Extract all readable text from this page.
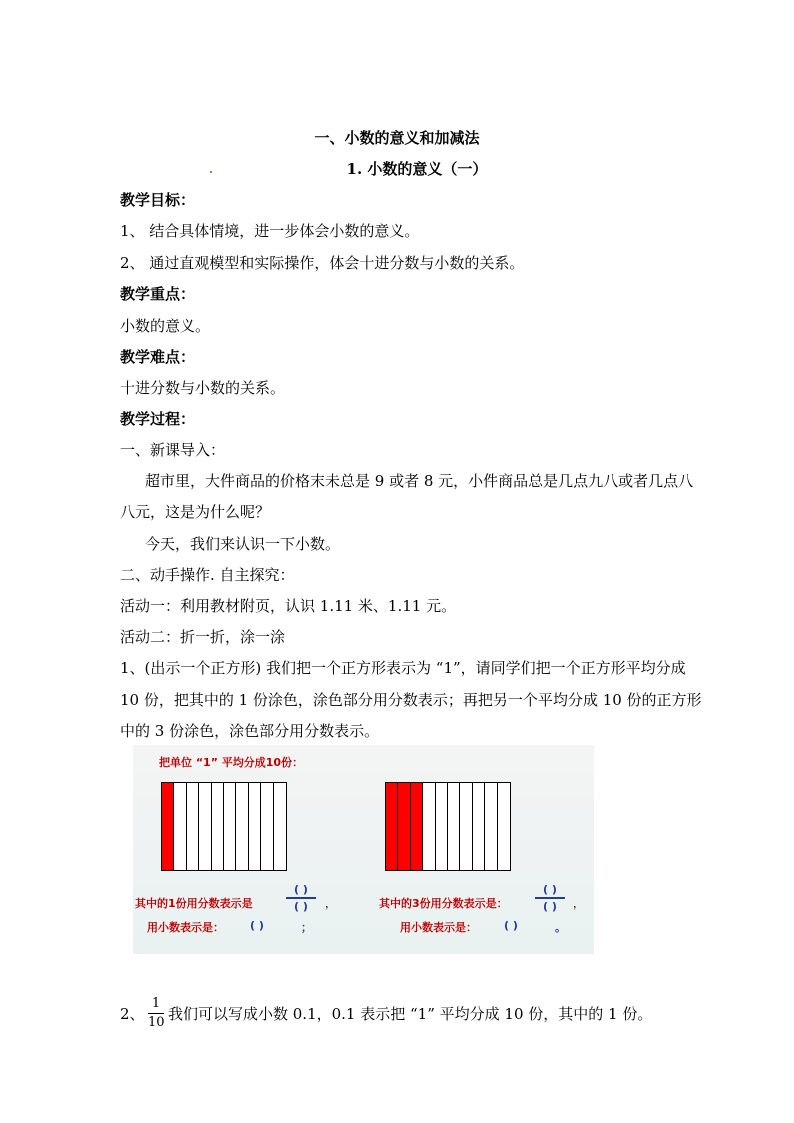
一、小数的意义和加减法
1. 小数的意义（一）
教学目标：
1、 结合具体情境，进一步体会小数的意义。
2、 通过直观模型和实际操作，体会十进分数与小数的关系。
教学重点：
小数的意义。
教学难点：
十进分数与小数的关系。
教学过程：
一、新课导入：
超市里，大件商品的价格末未总是 9 或者 8 元，小件商品总是几点九八或者几点八
八元，这是为什么呢？
今天，我们来认识一下小数。
二、动手操作. 自主探究：
活动一：利用教材附页，认识 1.11 米、1.11 元。
活动二：折一折，涂一涂
1、(出示一个正方形) 我们把一个正方形表示为 “1”，请同学们把一个正方形平均分成
10 份，把其中的 1 份涂色，涂色部分用分数表示；再把另一个平均分成 10 份的正方形
中的 3 份涂色，涂色部分用分数表示。
把单位 “1” 平均分成10份：
其中的1份用分数表示是
( )
( )	，
用小数表示是： ( )	；
其中的3份用分数表示是：
( )
( )	，
用小数表示是： ( )	。
2、
1
10 我们可以写成小数 0.1，0.1 表示把 “1” 平均分成 10 份，其中的 1 份。
